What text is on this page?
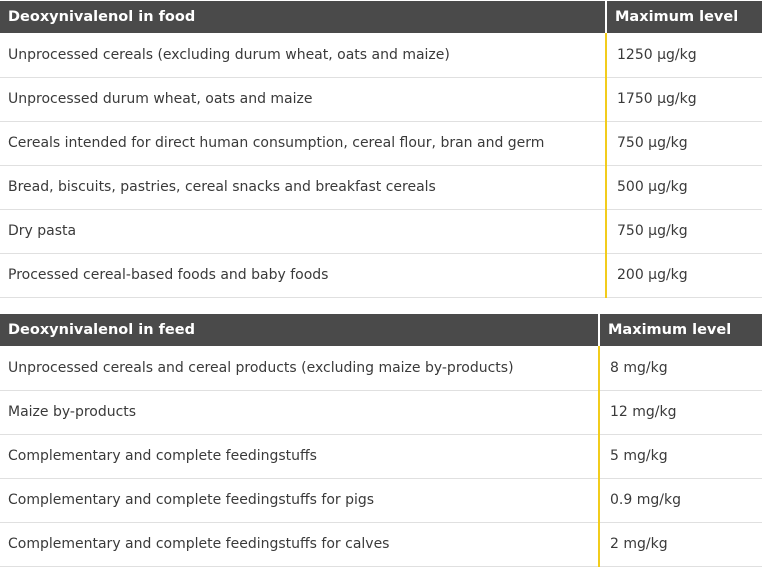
Deoxynivalenol in food	Maximum level
Unprocessed cereals (excluding durum wheat, oats and maize)	1250 µg/kg
Unprocessed durum wheat, oats and maize	1750 µg/kg
Cereals intended for direct human consumption, cereal flour, bran and germ	750 µg/kg
Bread, biscuits, pastries, cereal snacks and breakfast cereals	500 µg/kg
Dry pasta	750 µg/kg
Processed cereal-based foods and baby foods	200 µg/kg
Deoxynivalenol in feed	Maximum level
Unprocessed cereals and cereal products (excluding maize by-products)	8 mg/kg
Maize by-products	12 mg/kg
Complementary and complete feedingstuffs	5 mg/kg
Complementary and complete feedingstuffs for pigs	0.9 mg/kg
Complementary and complete feedingstuffs for calves	2 mg/kg
